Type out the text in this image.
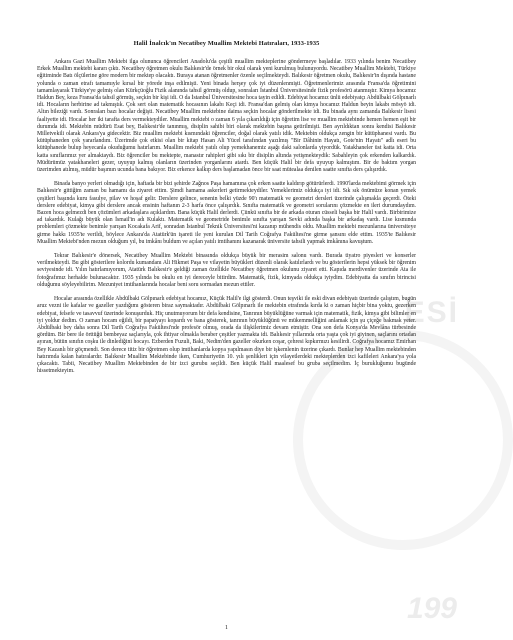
ESİ
199
Halil İnalcık'ın Necatibey Muallim Mektebi Hatıraları, 1933-1935

Ankara Gazi Muallim Mektebi ilga olununca öğrencileri Anadolu'da çeşitli muallim mekteplerine göndermeye başladılar. 1933 yılında benim Necatibey Erkek Muallim mektebi kararı çıktı. Necatibey öğretmen okulu Balıkesir'de örnek bir okul olarak yeni kurulmuş bulunuyordu. Necatibey Muallim Mektebi, Türkiye eğitiminde Batı ölçülerine göre modern bir mektep olacaktı. Buraya atanan öğretmenler özenle seçilmekteydi. Balıkesir öğretmen okulu, Balıkesir'in dışında hastane yolunda o zaman etrafı tamamıyle kırsal bir yörede inşa edilmişti. Yeni binada herşey çok iyi düzenlenmişti. Öğretmenlerimiz arasında Fransa'da öğretimini tamamlayarak Türkiye'ye gelmiş olan Kürkçüoğlu Fizik alanında tahsil görmüş oldup, sonraları İstanbul Üniversitesinde fizik profesörü atanmıştır. Kimya hocamız Haldun Bey, keza Fransa'da tahsil görmüş, seçkin bir kişi idi. O da İstanbul Üniversitesine hoca tayin edildi. Edebiyat hocamız ünlü edebiyatçı Abdülbaki Gölpınarlı idi. Hocaların herbirine ad takmıştık. Çok sert olan matematik hocasının lakabı Keçi idi. Fransa'dan gelmiş olan kimya hocamız Haldun beyin lakabı mösyö idi. Altın bileziği vardı. Sonraları bazı hocalar değişti. Necatibey Muallim mektebine daima seçkin hocalar gönderilmekte idi. Bu binada aynı zamanda Balıkesir lisesi faaliyette idi. Hocalar her iki tarafta ders vermekteydiler. Muallim mektebi o zaman 6 yıla çıkarıldığı için öğretim lise ve muallim mektebinde hemen hemen eşit bir durumda idi. Mektebin müdürü Esat bey, Balıkesir'de tanınmış, disiplin sahibi biri olarak mektebin başına getirilmişti. Ben ayrıldıktan sonra kendisi Balıkesir Milletvekili olarak Ankara'ya gidecektir. Biz muallim mektebi kısmındaki öğrenciler, doğal olarak yatılı idik. Mektebin oldukça zengin bir kütüphanesi vardı. Bu kütüphaneden çok yararlandım. Üzerimde çok etkisi olan bir kitap Hasan Ali Yücel tarafından yazılmış "Bir Dâhinin Hayatı, Gote'nin Hayatı" adlı eseri bu kütüphanede bulup heyecanla okuduğumu hatırlarım. Muallim mektebi yatılı olup yemekhanemiz aşağı daki salonlarda yiyordük. Yatakhaneler üst katta idi. Orta katta sınıflarımız yer almaktaydı. Biz öğrenciler bu mektepte, manastır rahipleri gibi sıkı bir disiplin altında yetişmekteydik: Sabahleyin çok erkenden kalkardık. Müdürümüz yatakhaneleri gezer, uyuyup kalmış olanların üzerinden yorganlarını atardı. Ben küçük Halil bir defa uyuyup kalmıştım. Bir de baktım yorgan üzerimden atılmış, müdür başımın ucunda bana bakıyor. Biz erkence kalkıp ders başlamadan önce bir saat mütealaa denilen saatte sınıfta ders çalışırdık.

Binada banyo yerleri olmadığı için, haftada bir bizi şehirde Zağnos Paşa hamamına çok erken saatte kaldırıp götürürlerdi. 1990'larda mektebimi görmek için Balıkesir'e gittiğim zaman bu hamamı da ziyaret ettim. Şimdi hamama askerleri getirmekteydiler. Yemeklerimiz oldukça iyi idi. Sık sık önümüze konan yemek çeşitleri başında kuru fasulye, pilav ve hoşaf gelir. Derslere gelince, senenin belki yüzde 90'ı matematik ve geometri dersleri üzerinde çalışmakla geçerdi. Öteki derslere edebiyat, kimya gibi derslere ancak ensinin haftanın 2-3 harfa önce çalışırdık. Sınıfta matematik ve geometri sorularını çözmekte en ileri durumdaydım. Bazen hoca gelmezdi ben çözümleri arkadaşlara açıklardım. Bana küçük Halil derlerdi. Çünkü sınıfta bir de arkada oturan cüsseli başka bir Halil vardı. Birbirimize ad takardık. Kulağı büyük olan İsmail'in adı Kulaktı. Matematik ve geometride benimle sınıfta yarışan Sevki adında başka bir arkadaş vardı. Lise kısmında problemleri çözmekte benimle yarışan Kocakafa Arif, sonradan İstanbul Teknik Üniversitesi'ni kazanıp mühendis oldu. Muallim mektebi mezunlarına üniversiteye girme hakkı 1935'te verildi, böylece Ankara'da Atatürk'ün işareti ile yeni kurulan Dil Tarih Coğrafya Fakültesi'ne girme şansını elde ettim. 1935'te Balıkesir Muallim Mektebi'nden mezun olduğum yıl, bu imkânı buldum ve açılan yatılı imtihanını kazanarak üniversite tahsili yapmak imkânına kavuştum.

Tekrar Balıkesir'e dönersek, Necatibey Muallim Mektebi binasında oldukça büyük bir merasim salonu vardı. Burada tiyatro piyesleri ve konserler verilmekteydi. Bu gibi gösterilere kolordu kumandanı Ali Hikmet Paşa ve vilayetin büyükleri düzenli olarak katılırlardı ve bu gösterilerin hepsi yüksek bir öğrenim seviyesinde idi. Yılın hatırlamıyorum, Atatürk Balıkesir'e geldiği zaman özellikle Necatibey öğretmen okulunu ziyaret etti. Kapıda merdivenler üzerinde Ata ile fotoğrafımız herhalde bulunacaktır. 1935 yılında bu okulu en iyi dereceyle bitirdim. Matematik, fizik, kimyada oldukça iyiydim. Edebiyatta da sınıfın birincisi olduğumu söyleyebilirim. Mezuniyet imtihanlarında hocalar beni soru sormadan mezun ettiler.

Hocalar arasında özellikle Abdülbaki Gölpınarlı edebiyat hocamız, Küçük Halil'e ilgi gösterdi. Onun teşviki ile eski divan edebiyatı üzerinde çalıştım, bugün aruz vezni ile kafalar ve gazeller yazdığımı gösteren biraz saymaktadır. Abdülbaki Gölpınarlı ile mektebin etrafında kırda ki o zaman hiçbir bina yoktu, gezerken edebiyat, felsefe ve tasavvuf üzerinde konuşurduk. Hiç unutmuyorum bir defa kendisine, Tanrının büyüklüğüne varmak için matematik, fizik, kimya gibi bilimler en iyi yoldur dedim. O zaman hocam eğildi, bir papatyayı kopardı ve bana gösterek, tanrının büyüklüğünü ve mükemmelliğini anlamak için şu çiçeğe bakmak yeter. Abdülbaki bey daha sonra Dil Tarih Coğrafya Fakültesi'nde profesör olmuş, orada da ilişkilerimiz devam etmiştir. Ona son defa Konya'da Mevlâna türbesinde gördüm. Bir bere ile örttüğü bembeyaz saçlarıyla, çok ihtiyar olmakla beraber çeşitler yazmakta idi. Balıkesir yıllarında orta yaşta çok iyi giyinen, saçlarını ortadan ayıran, bütün sınıfın coşku ile dinlediğini hocayı. Ezberden Fuzuli, Baki, Nedim'den gazeller okurken coşar, çehresi kıpkırmızı kesilirdi. Coğrafya hocamız Emirhan Bey Kazanlı bir göçmendi. Son derece titiz bir öğretmen olup imtihanlarda kopya yapılmasın diye bir işkemlenin üzerine çıkardı. Bunlar hep Muallim mektebinden hatırımda kalan hatıralardır. Balıkesir Muallim Mektebinde iken, Cumhuriyetin 10. yılı şenlikleri için vilayetlerdeki mekteplerden izci kafileleri Ankara'ya yola çıkacaktı. Tabii, Necatibey Muallim Mektebinden de bir izci gurubu seçildi. Ben küçük Halil maalesef bu gruba seçilmedim. İç burukluğumu bugünde hissetmekteyim.

1
